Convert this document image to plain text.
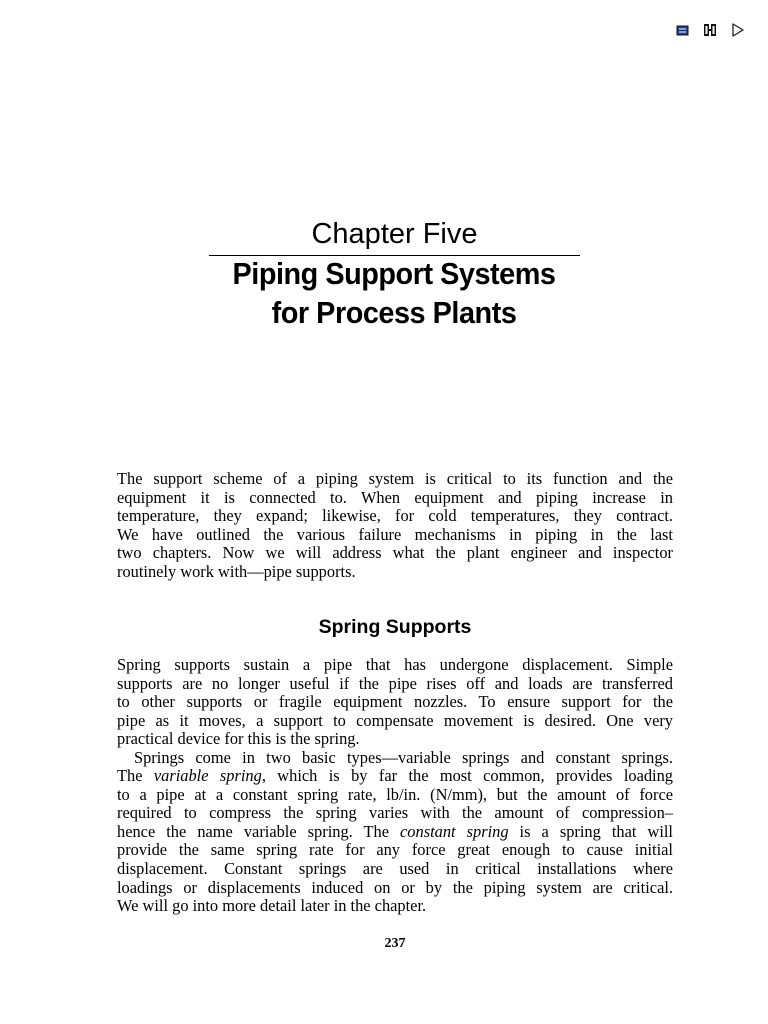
Chapter Five
Piping Support Systems
for Process Plants

The support scheme of a piping system is critical to its function and the
equipment it is connected to. When equipment and piping increase in
temperature, they expand; likewise, for cold temperatures, they contract.
We have outlined the various failure mechanisms in piping in the last
two chapters. Now we will address what the plant engineer and inspector
routinely work with—pipe supports.

Spring Supports
Spring supports sustain a pipe that has undergone displacement. Simple
supports are no longer useful if the pipe rises off and loads are transferred
to other supports or fragile equipment nozzles. To ensure support for the
pipe as it moves, a support to compensate movement is desired. One very
practical device for this is the spring.
Springs come in two basic types—variable springs and constant springs.
The variable spring, which is by far the most common, provides loading
to a pipe at a constant spring rate, lb/in. (N/mm), but the amount of force
required to compress the spring varies with the amount of compression–
hence the name variable spring. The constant spring is a spring that will
provide the same spring rate for any force great enough to cause initial
displacement. Constant springs are used in critical installations where
loadings or displacements induced on or by the piping system are critical.
We will go into more detail later in the chapter.
237
